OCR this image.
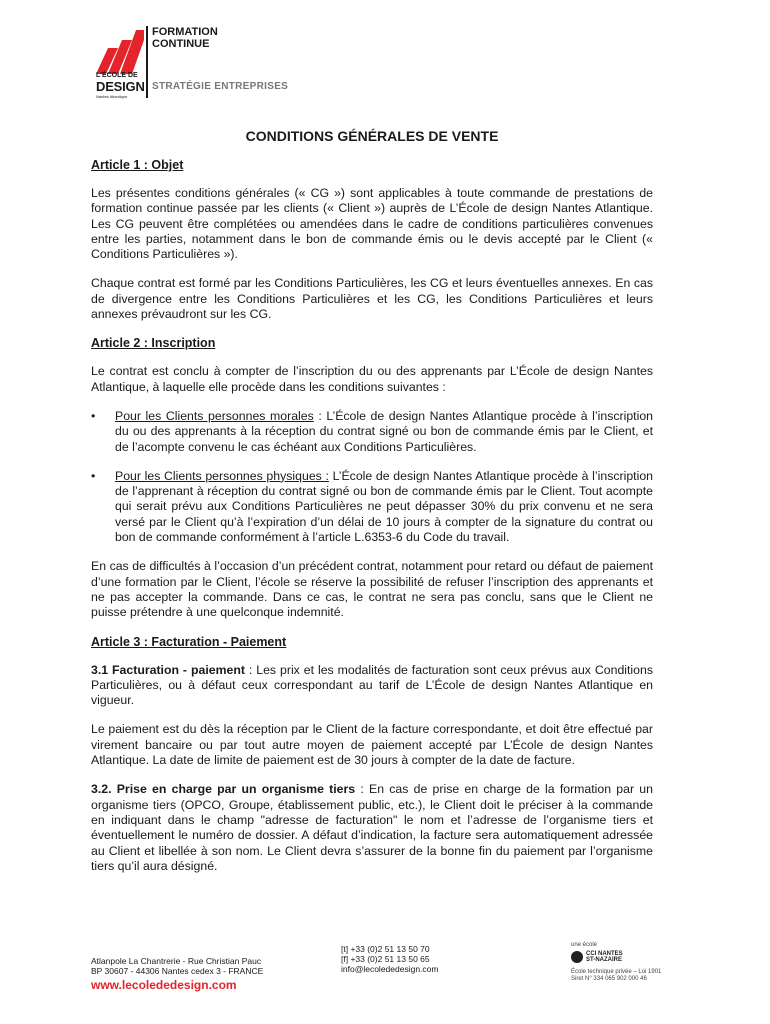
L'ÉCOLE DE
DESIGN
Nantes Atlantique
FORMATION
CONTINUE
STRATÉGIE ENTREPRISES
CONDITIONS GÉNÉRALES DE VENTE
Article 1 : Objet

Les présentes conditions générales (« CG ») sont applicables à toute commande de prestations de formation continue passée par les clients (« Client ») auprès de L’École de design Nantes Atlantique. Les CG peuvent être complétées ou amendées dans le cadre de conditions particulières convenues entre les parties, notamment dans le bon de commande émis ou le devis accepté par le Client (« Conditions Particulières »).

Chaque contrat est formé par les Conditions Particulières, les CG et leurs éventuelles annexes. En cas de divergence entre les Conditions Particulières et les CG, les Conditions Particulières et leurs annexes prévaudront sur les CG.

Article 2 : Inscription

Le contrat est conclu à compter de l’inscription du ou des apprenants par L’École de design Nantes Atlantique, à laquelle elle procède dans les conditions suivantes :

• Pour les Clients personnes morales : L’École de design Nantes Atlantique procède à l’inscription du ou des apprenants à la réception du contrat signé ou bon de commande émis par le Client, et de l’acompte convenu le cas échéant aux Conditions Particulières.
• Pour les Clients personnes physiques : L’École de design Nantes Atlantique procède à l’inscription de l’apprenant à réception du contrat signé ou bon de commande émis par le Client. Tout acompte qui serait prévu aux Conditions Particulières ne peut dépasser 30% du prix convenu et ne sera versé par le Client qu’à l’expiration d’un délai de 10 jours à compter de la signature du contrat ou bon de commande conformément à l’article L.6353-6 du Code du travail.

En cas de difficultés à l’occasion d’un précédent contrat, notamment pour retard ou défaut de paiement d’une formation par le Client, l’école se réserve la possibilité de refuser l’inscription des apprenants et ne pas accepter la commande. Dans ce cas, le contrat ne sera pas conclu, sans que le Client ne puisse prétendre à une quelconque indemnité.

Article 3 : Facturation - Paiement

3.1 Facturation - paiement : Les prix et les modalités de facturation sont ceux prévus aux Conditions Particulières, ou à défaut ceux correspondant au tarif de L’École de design Nantes Atlantique en vigueur.

Le paiement est du dès la réception par le Client de la facture correspondante, et doit être effectué par virement bancaire ou par tout autre moyen de paiement accepté par L’École de design Nantes Atlantique. La date de limite de paiement est de 30 jours à compter de la date de facture.

3.2. Prise en charge par un organisme tiers : En cas de prise en charge de la formation par un organisme tiers (OPCO, Groupe, établissement public, etc.), le Client doit le préciser à la commande en indiquant dans le champ "adresse de facturation" le nom et l’adresse de l’organisme tiers et éventuellement le numéro de dossier. A défaut d’indication, la facture sera automatiquement adressée au Client et libellée à son nom. Le Client devra s’assurer de la bonne fin du paiement par l’organisme tiers qu’il aura désigné.

Atlanpole La Chantrerie - Rue Christian Pauc
BP 30607 - 44306 Nantes cedex 3 - FRANCE
www.lecolededesign.com
[t] +33 (0)2 51 13 50 70
[f] +33 (0)2 51 13 50 65
info@lecolededesign.com
une école
CCI NANTES
ST-NAZAIRE
École technique privée – Loi 1901
Siret N° 334 065 902 000 46
